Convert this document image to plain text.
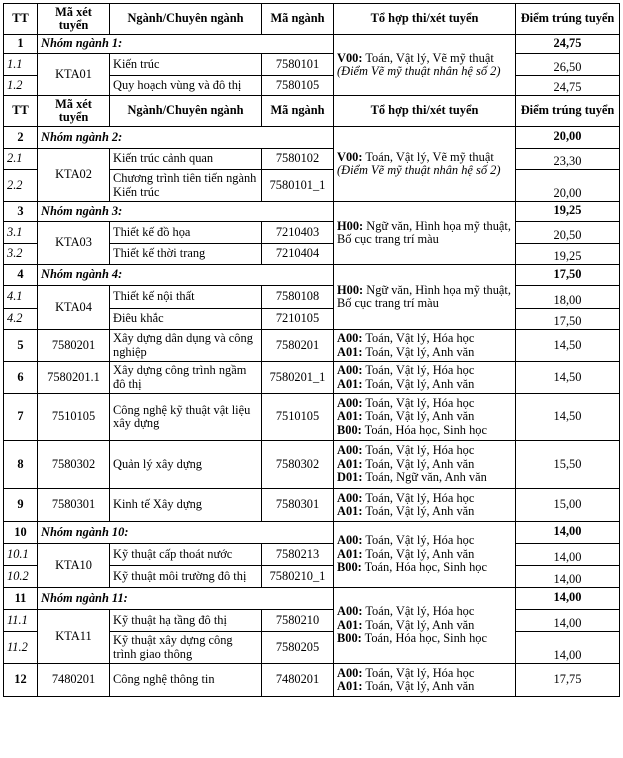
TT	Mã xét tuyển	Ngành/Chuyên ngành	Mã ngành	Tổ hợp thi/xét tuyển	Điểm trúng tuyển
1	Nhóm ngành 1:			V00: Toán, Vật lý, Vẽ mỹ thuật
(Điểm Vẽ mỹ thuật nhân hệ số 2)	24,75
1.1	KTA01	Kiến trúc	7580101		26,50
1.2		Quy hoạch vùng và đô thị	7580105		24,75
TT	Mã xét tuyển	Ngành/Chuyên ngành	Mã ngành	Tổ hợp thi/xét tuyển	Điểm trúng tuyển
2	Nhóm ngành 2:			V00: Toán, Vật lý, Vẽ mỹ thuật
(Điểm Vẽ mỹ thuật nhân hệ số 2)	20,00
2.1	KTA02	Kiến trúc cảnh quan	7580102		23,30
2.2		Chương trình tiên tiến ngành Kiến trúc	7580101_1		20,00
3	Nhóm ngành 3:			H00: Ngữ văn, Hình họa mỹ thuật, Bố cục trang trí màu	19,25
3.1	KTA03	Thiết kế đồ họa	7210403		20,50
3.2		Thiết kế thời trang	7210404		19,25
4	Nhóm ngành 4:			H00: Ngữ văn, Hình họa mỹ thuật, Bố cục trang trí màu	17,50
4.1	KTA04	Thiết kế nội thất	7580108		18,00
4.2		Điêu khắc	7210105		17,50
5	7580201	Xây dựng dân dụng và công nghiệp	7580201	A00: Toán, Vật lý, Hóa học
A01: Toán, Vật lý, Anh văn	14,50
6	7580201.1	Xây dựng công trình ngầm đô thị	7580201_1	A00: Toán, Vật lý, Hóa học
A01: Toán, Vật lý, Anh văn	14,50
7	7510105	Công nghệ kỹ thuật vật liệu xây dựng	7510105	A00: Toán, Vật lý, Hóa học
A01: Toán, Vật lý, Anh văn
B00: Toán, Hóa học, Sinh học	14,50
8	7580302	Quản lý xây dựng	7580302	A00: Toán, Vật lý, Hóa học
A01: Toán, Vật lý, Anh văn
D01: Toán, Ngữ văn, Anh văn	15,50
9	7580301	Kinh tế Xây dựng	7580301	A00: Toán, Vật lý, Hóa học
A01: Toán, Vật lý, Anh văn	15,00
10	Nhóm ngành 10:			A00: Toán, Vật lý, Hóa học
A01: Toán, Vật lý, Anh văn
B00: Toán, Hóa học, Sinh học	14,00
10.1	KTA10	Kỹ thuật cấp thoát nước	7580213		14,00
10.2		Kỹ thuật môi trường đô thị	7580210_1		14,00
11	Nhóm ngành 11:			A00: Toán, Vật lý, Hóa học
A01: Toán, Vật lý, Anh văn
B00: Toán, Hóa học, Sinh học	14,00
11.1	KTA11	Kỹ thuật hạ tầng đô thị	7580210		14,00
11.2		Kỹ thuật xây dựng công trình giao thông	7580205		14,00
12	7480201	Công nghệ thông tin	7480201	A00: Toán, Vật lý, Hóa học
A01: Toán, Vật lý, Anh văn	17,75
